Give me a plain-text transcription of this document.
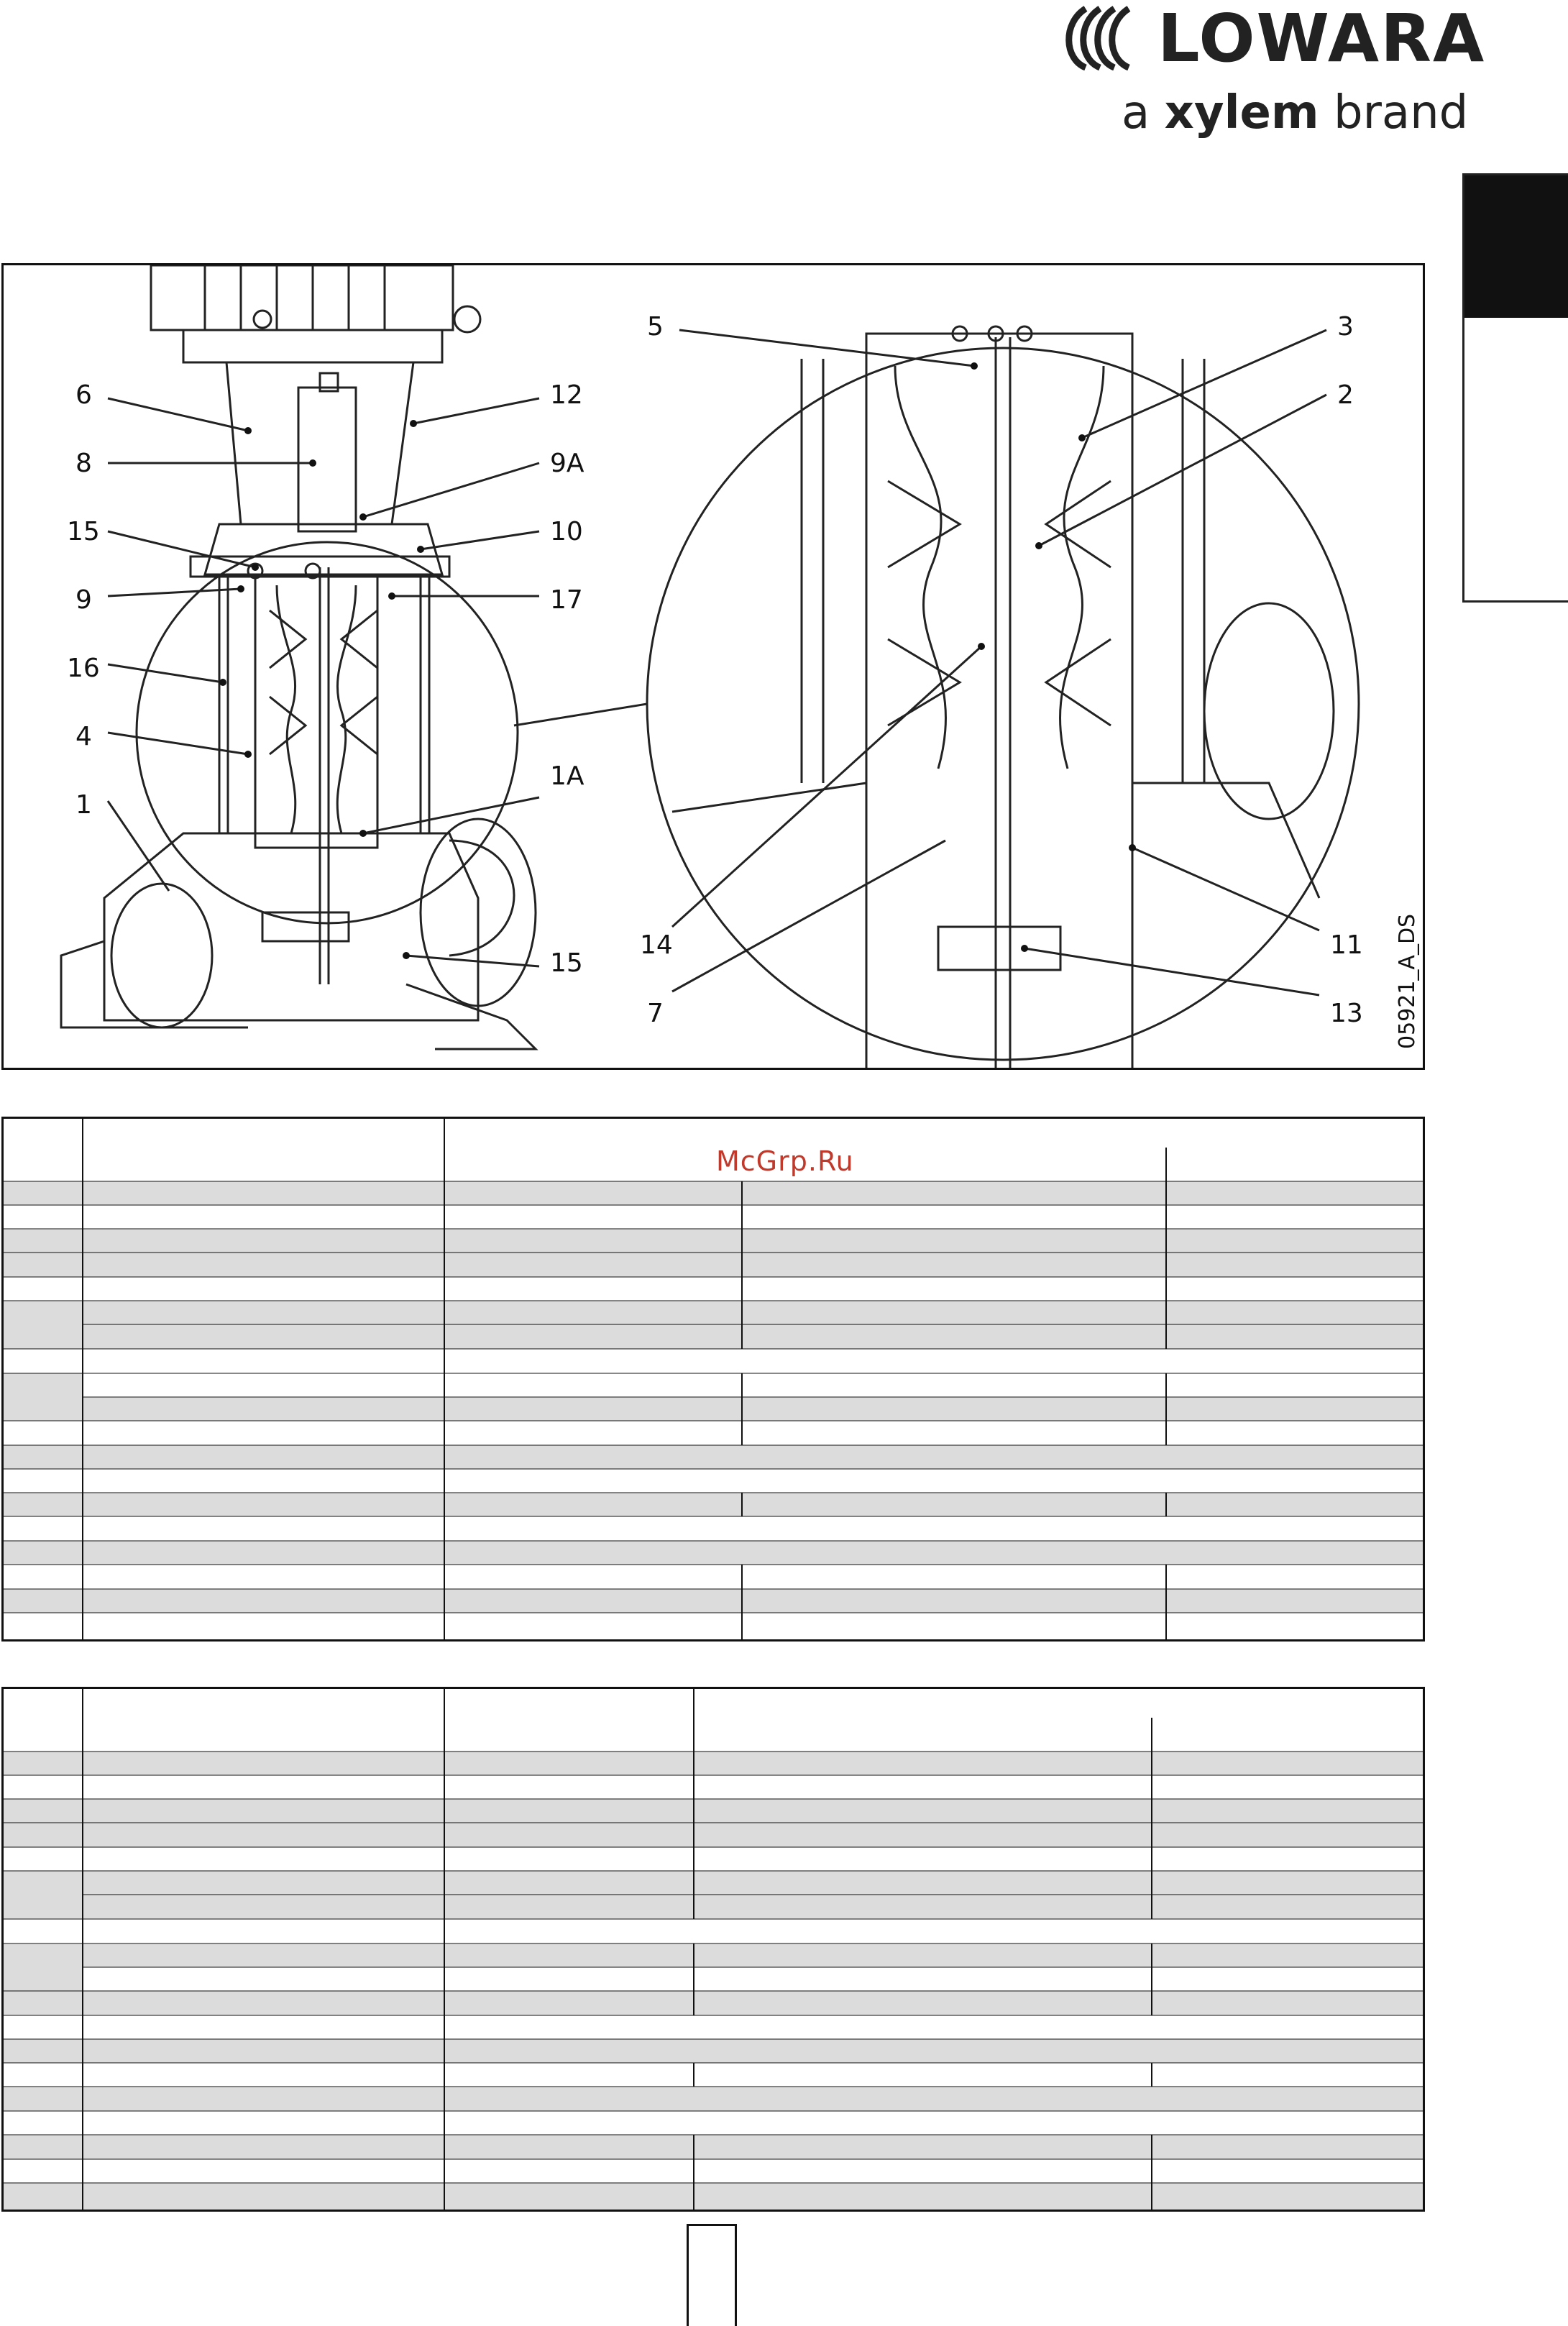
LOWARA
a xylem brand
6
8
15
9
16
4
1
12
9A
10
17
1A
15
5
14
7
3
2
11
13 05921_A_DS
McGrp.Ru
